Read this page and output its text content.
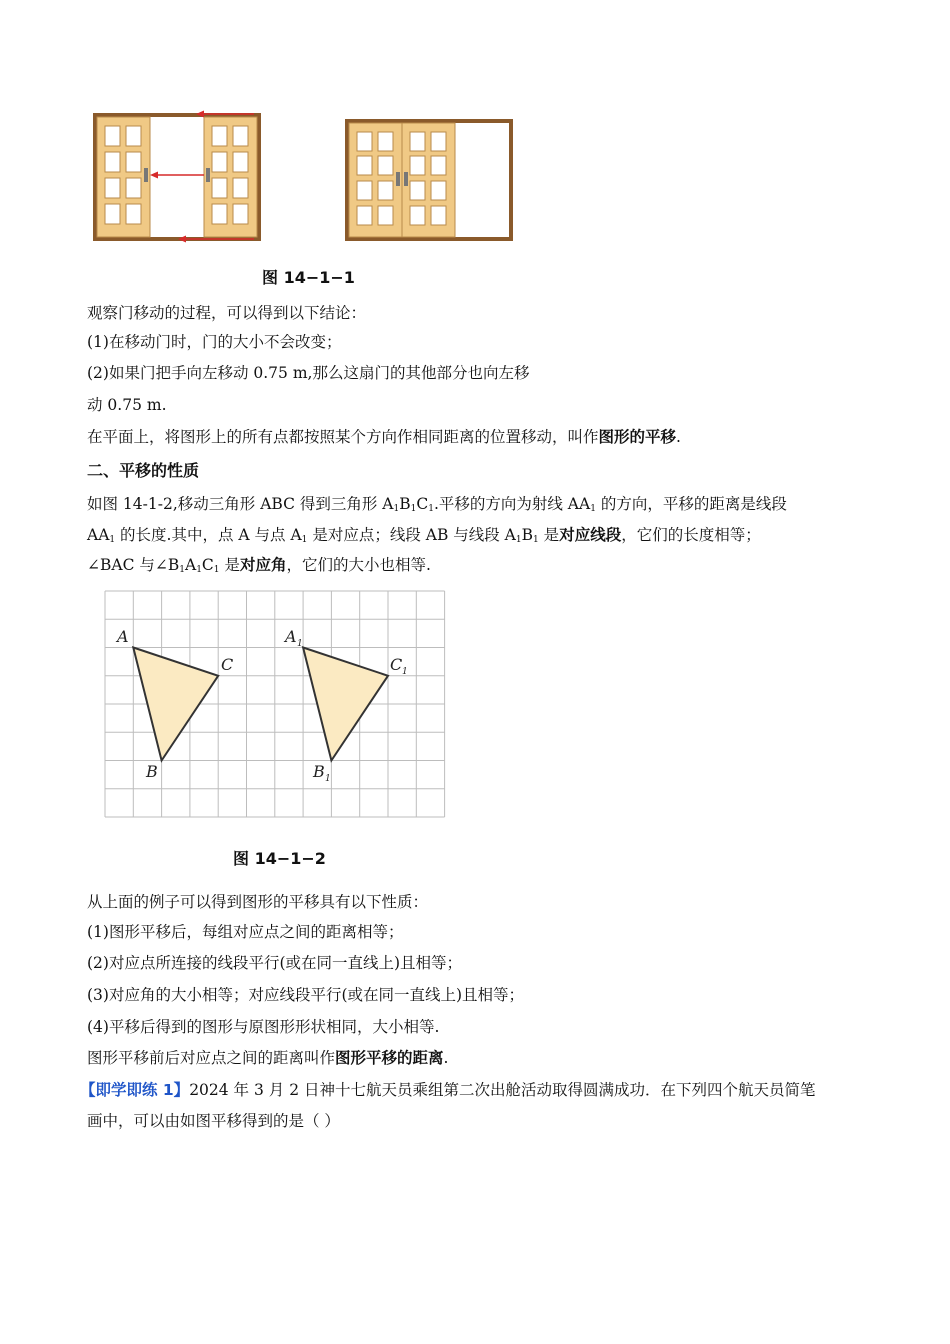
图 14−1−1
观察门移动的过程，可以得到以下结论：
(1)在移动门时，门的大小不会改变；
(2)如果门把手向左移动 0.75 m,那么这扇门的其他部分也向左移
动 0.75 m.
在平面上，将图形上的所有点都按照某个方向作相同距离的位置移动，叫作图形的平移.
二、平移的性质
如图 14-1-2,移动三角形 ABC 得到三角形 $A_1B_1C_1$.平移的方向为射线 $AA_1$ 的方向，平移的距离是线段
$AA_1$ 的长度.其中，点 A 与点 $A_1$ 是对应点；线段 AB 与线段 $A_1B_1$ 是对应线段，它们的长度相等；
∠BAC 与$\angle B_1A_1C_1$ 是对应角，它们的大小也相等.
A
C
B
A 1
C 1
B 1
图 14−1−2
从上面的例子可以得到图形的平移具有以下性质：
(1)图形平移后，每组对应点之间的距离相等；
(2)对应点所连接的线段平行(或在同一直线上)且相等；
(3)对应角的大小相等；对应线段平行(或在同一直线上)且相等；
(4)平移后得到的图形与原图形形状相同，大小相等.
图形平移前后对应点之间的距离叫作图形平移的距离.
【即学即练 1】2024 年 3 月 2 日神十七航天员乘组第二次出舱活动取得圆满成功．在下列四个航天员简笔
画中，可以由如图平移得到的是（ ）
